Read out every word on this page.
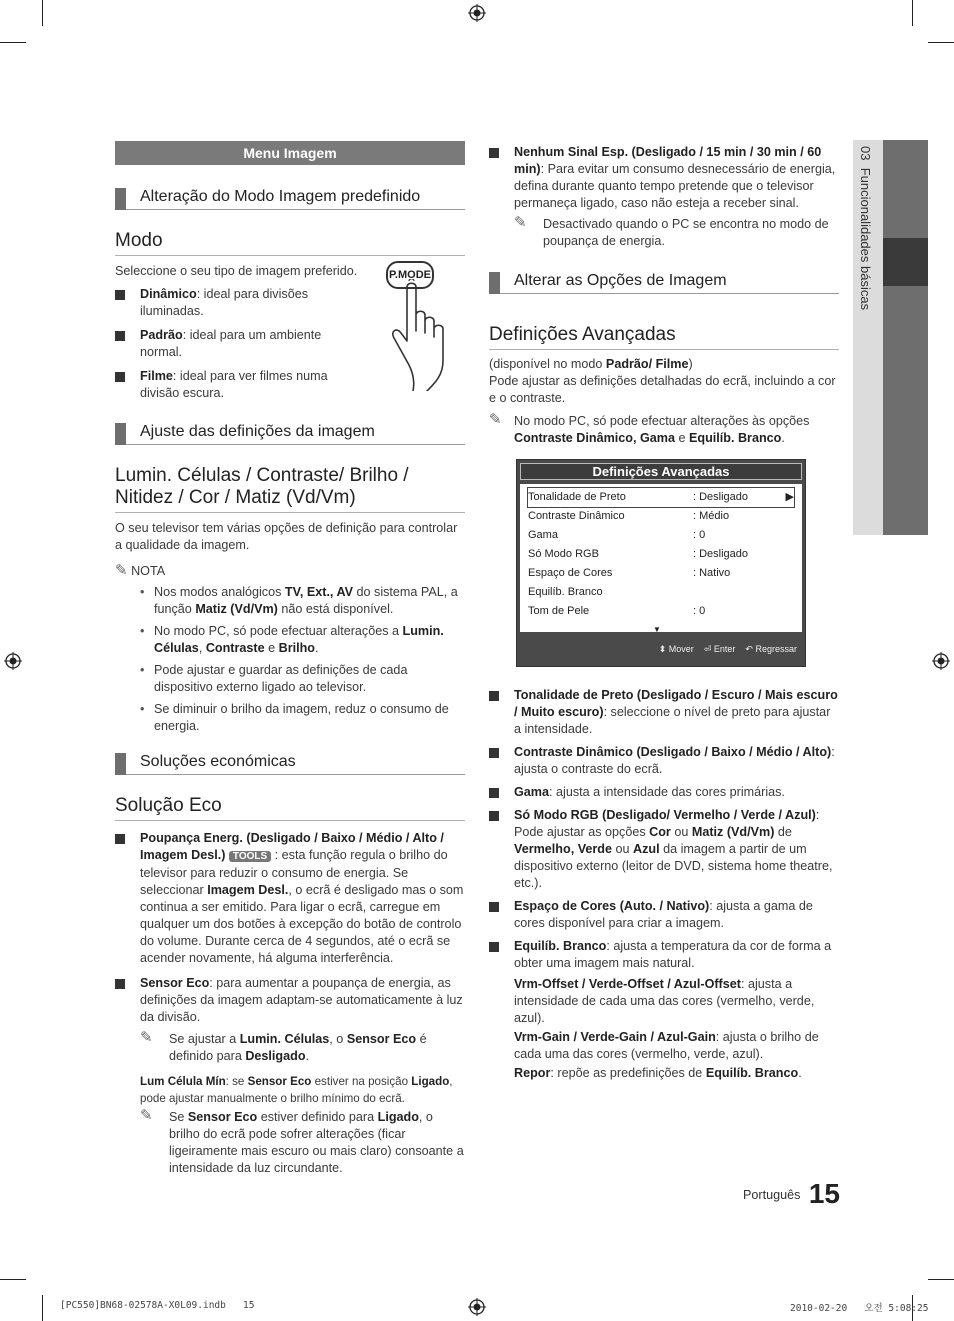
03  Funcionalidades básicas
Menu Imagem
Alteração do Modo Imagem predefinido
Modo

Seleccione o seu tipo de imagem preferido.

Dinâmico: ideal para divisões iluminadas.

Padrão: ideal para um ambiente normal.

Filme: ideal para ver filmes numa divisão escura.

P.MODE
Ajuste das definições da imagem
Lumin. Células / Contraste/ Brilho / Nitidez / Cor / Matiz (Vd/Vm)

O seu televisor tem várias opções de definição para controlar a qualidade da imagem.

✎ NOTA

• Nos modos analógicos TV, Ext., AV do sistema PAL, a função Matiz (Vd/Vm) não está disponível.

• No modo PC, só pode efectuar alterações a Lumin. Células, Contraste e Brilho.

• Pode ajustar e guardar as definições de cada dispositivo externo ligado ao televisor.

• Se diminuir o brilho da imagem, reduz o consumo de energia.

Soluções económicas
Solução Eco

Poupança Energ. (Desligado / Baixo / Médio / Alto / Imagem Desl.) TOOLS : esta função regula o brilho do televisor para reduzir o consumo de energia. Se seleccionar Imagem Desl., o ecrã é desligado mas o som continua a ser emitido. Para ligar o ecrã, carregue em qualquer um dos botões à excepção do botão de controlo do volume. Durante cerca de 4 segundos, até o ecrã se acender novamente, há alguma interferência.

Sensor Eco: para aumentar a poupança de energia, as definições da imagem adaptam-se automaticamente à luz da divisão.

✎ Se ajustar a Lumin. Células, o Sensor Eco é definido para Desligado.

Lum Célula Mín: se Sensor Eco estiver na posição Ligado, pode ajustar manualmente o brilho mínimo do ecrã.

✎ Se Sensor Eco estiver definido para Ligado, o brilho do ecrã pode sofrer alterações (ficar ligeiramente mais escuro ou mais claro) consoante a intensidade da luz circundante.

Nenhum Sinal Esp. (Desligado / 15 min / 30 min / 60 min): Para evitar um consumo desnecessário de energia, defina durante quanto tempo pretende que o televisor permaneça ligado, caso não esteja a receber sinal.

✎ Desactivado quando o PC se encontra no modo de poupança de energia.

Alterar as Opções de Imagem
Definições Avançadas

(disponível no modo Padrão/ Filme)

Pode ajustar as definições detalhadas do ecrã, incluindo a cor e o contraste.

✎ No modo PC, só pode efectuar alterações às opções Contraste Dinâmico, Gama e Equilíb. Branco.

Definições Avançadas
Tonalidade de Preto	: Desligado	▶
Contraste Dinâmico	: Médio	
Gama	: 0	
Só Modo RGB	: Desligado	
Espaço de Cores	: Nativo	
Equilíb. Branco		
Tom de Pele	: 0	
▼
⬍ Mover ⏎ Enter ↶ Regressar

Tonalidade de Preto (Desligado / Escuro / Mais escuro / Muito escuro): seleccione o nível de preto para ajustar a intensidade.

Contraste Dinâmico (Desligado / Baixo / Médio / Alto): ajusta o contraste do ecrã.

Gama: ajusta a intensidade das cores primárias.

Só Modo RGB (Desligado/ Vermelho / Verde / Azul): Pode ajustar as opções Cor ou Matiz (Vd/Vm) de Vermelho, Verde ou Azul da imagem a partir de um dispositivo externo (leitor de DVD, sistema home theatre, etc.).

Espaço de Cores (Auto. / Nativo): ajusta a gama de cores disponível para criar a imagem.

Equilíb. Branco: ajusta a temperatura da cor de forma a obter uma imagem mais natural.

Vrm-Offset / Verde-Offset / Azul-Offset: ajusta a intensidade de cada uma das cores (vermelho, verde, azul).

Vrm-Gain / Verde-Gain / Azul-Gain: ajusta o brilho de cada uma das cores (vermelho, verde, azul).

Repor: repõe as predefinições de Equilíb. Branco.

$^{Português}$ 15
[PC550]BN68-02578A-X0L09.indb   15	2010-02-20   오전 5:08:25
